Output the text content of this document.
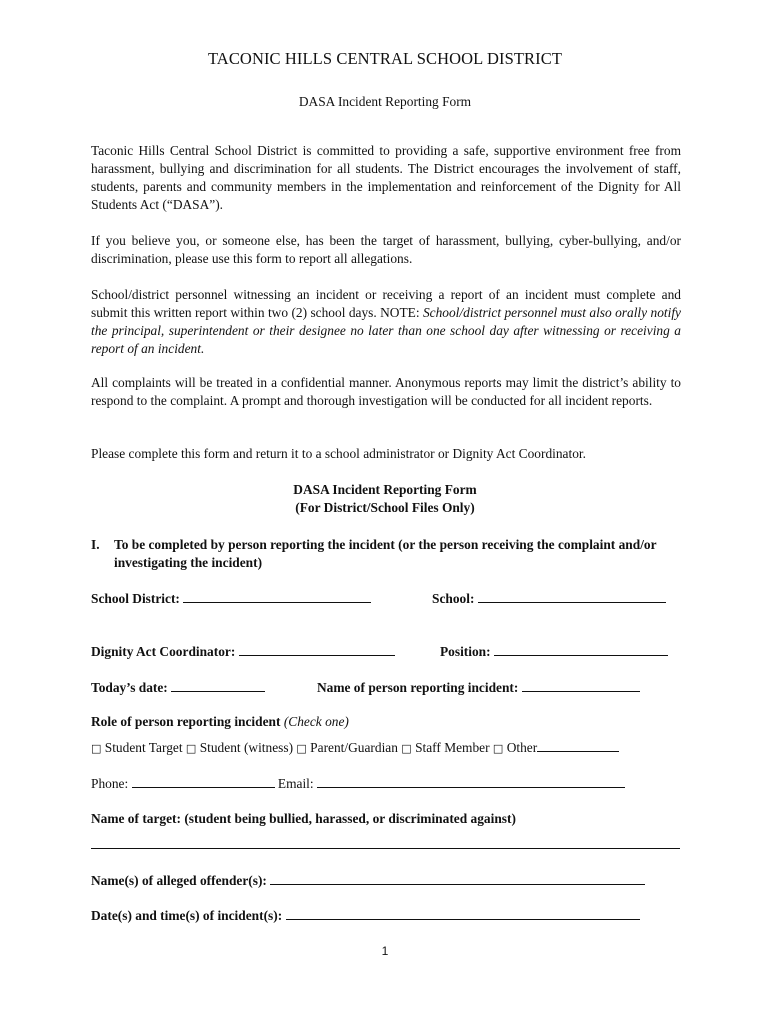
TACONIC HILLS CENTRAL SCHOOL DISTRICT
DASA Incident Reporting Form
Taconic Hills Central School District is committed to providing a safe, supportive environment free from harassment, bullying and discrimination for all students. The District encourages the involvement of staff, students, parents and community members in the implementation and reinforcement of the Dignity for All Students Act (“DASA”).
If you believe you, or someone else, has been the target of harassment, bullying, cyber-bullying, and/or discrimination, please use this form to report all allegations.
School/district personnel witnessing an incident or receiving a report of an incident must complete and submit this written report within two (2) school days. NOTE: School/district personnel must also orally notify the principal, superintendent or their designee no later than one school day after witnessing or receiving a report of an incident.
All complaints will be treated in a confidential manner. Anonymous reports may limit the district’s ability to respond to the complaint. A prompt and thorough investigation will be conducted for all incident reports.
Please complete this form and return it to a school administrator or Dignity Act Coordinator.
DASA Incident Reporting Form
(For District/School Files Only)
I. To be completed by person reporting the incident (or the person receiving the complaint and/or investigating the incident)
School District:	School:
Dignity Act Coordinator:	Position:
Today’s date:	Name of person reporting incident:
Role of person reporting incident (Check one)
□ Student Target □ Student (witness) □ Parent/Guardian □ Staff Member □ Other
Phone:	Email:
Name of target: (student being bullied, harassed, or discriminated against)
Name(s) of alleged offender(s):
Date(s) and time(s) of incident(s):
1
